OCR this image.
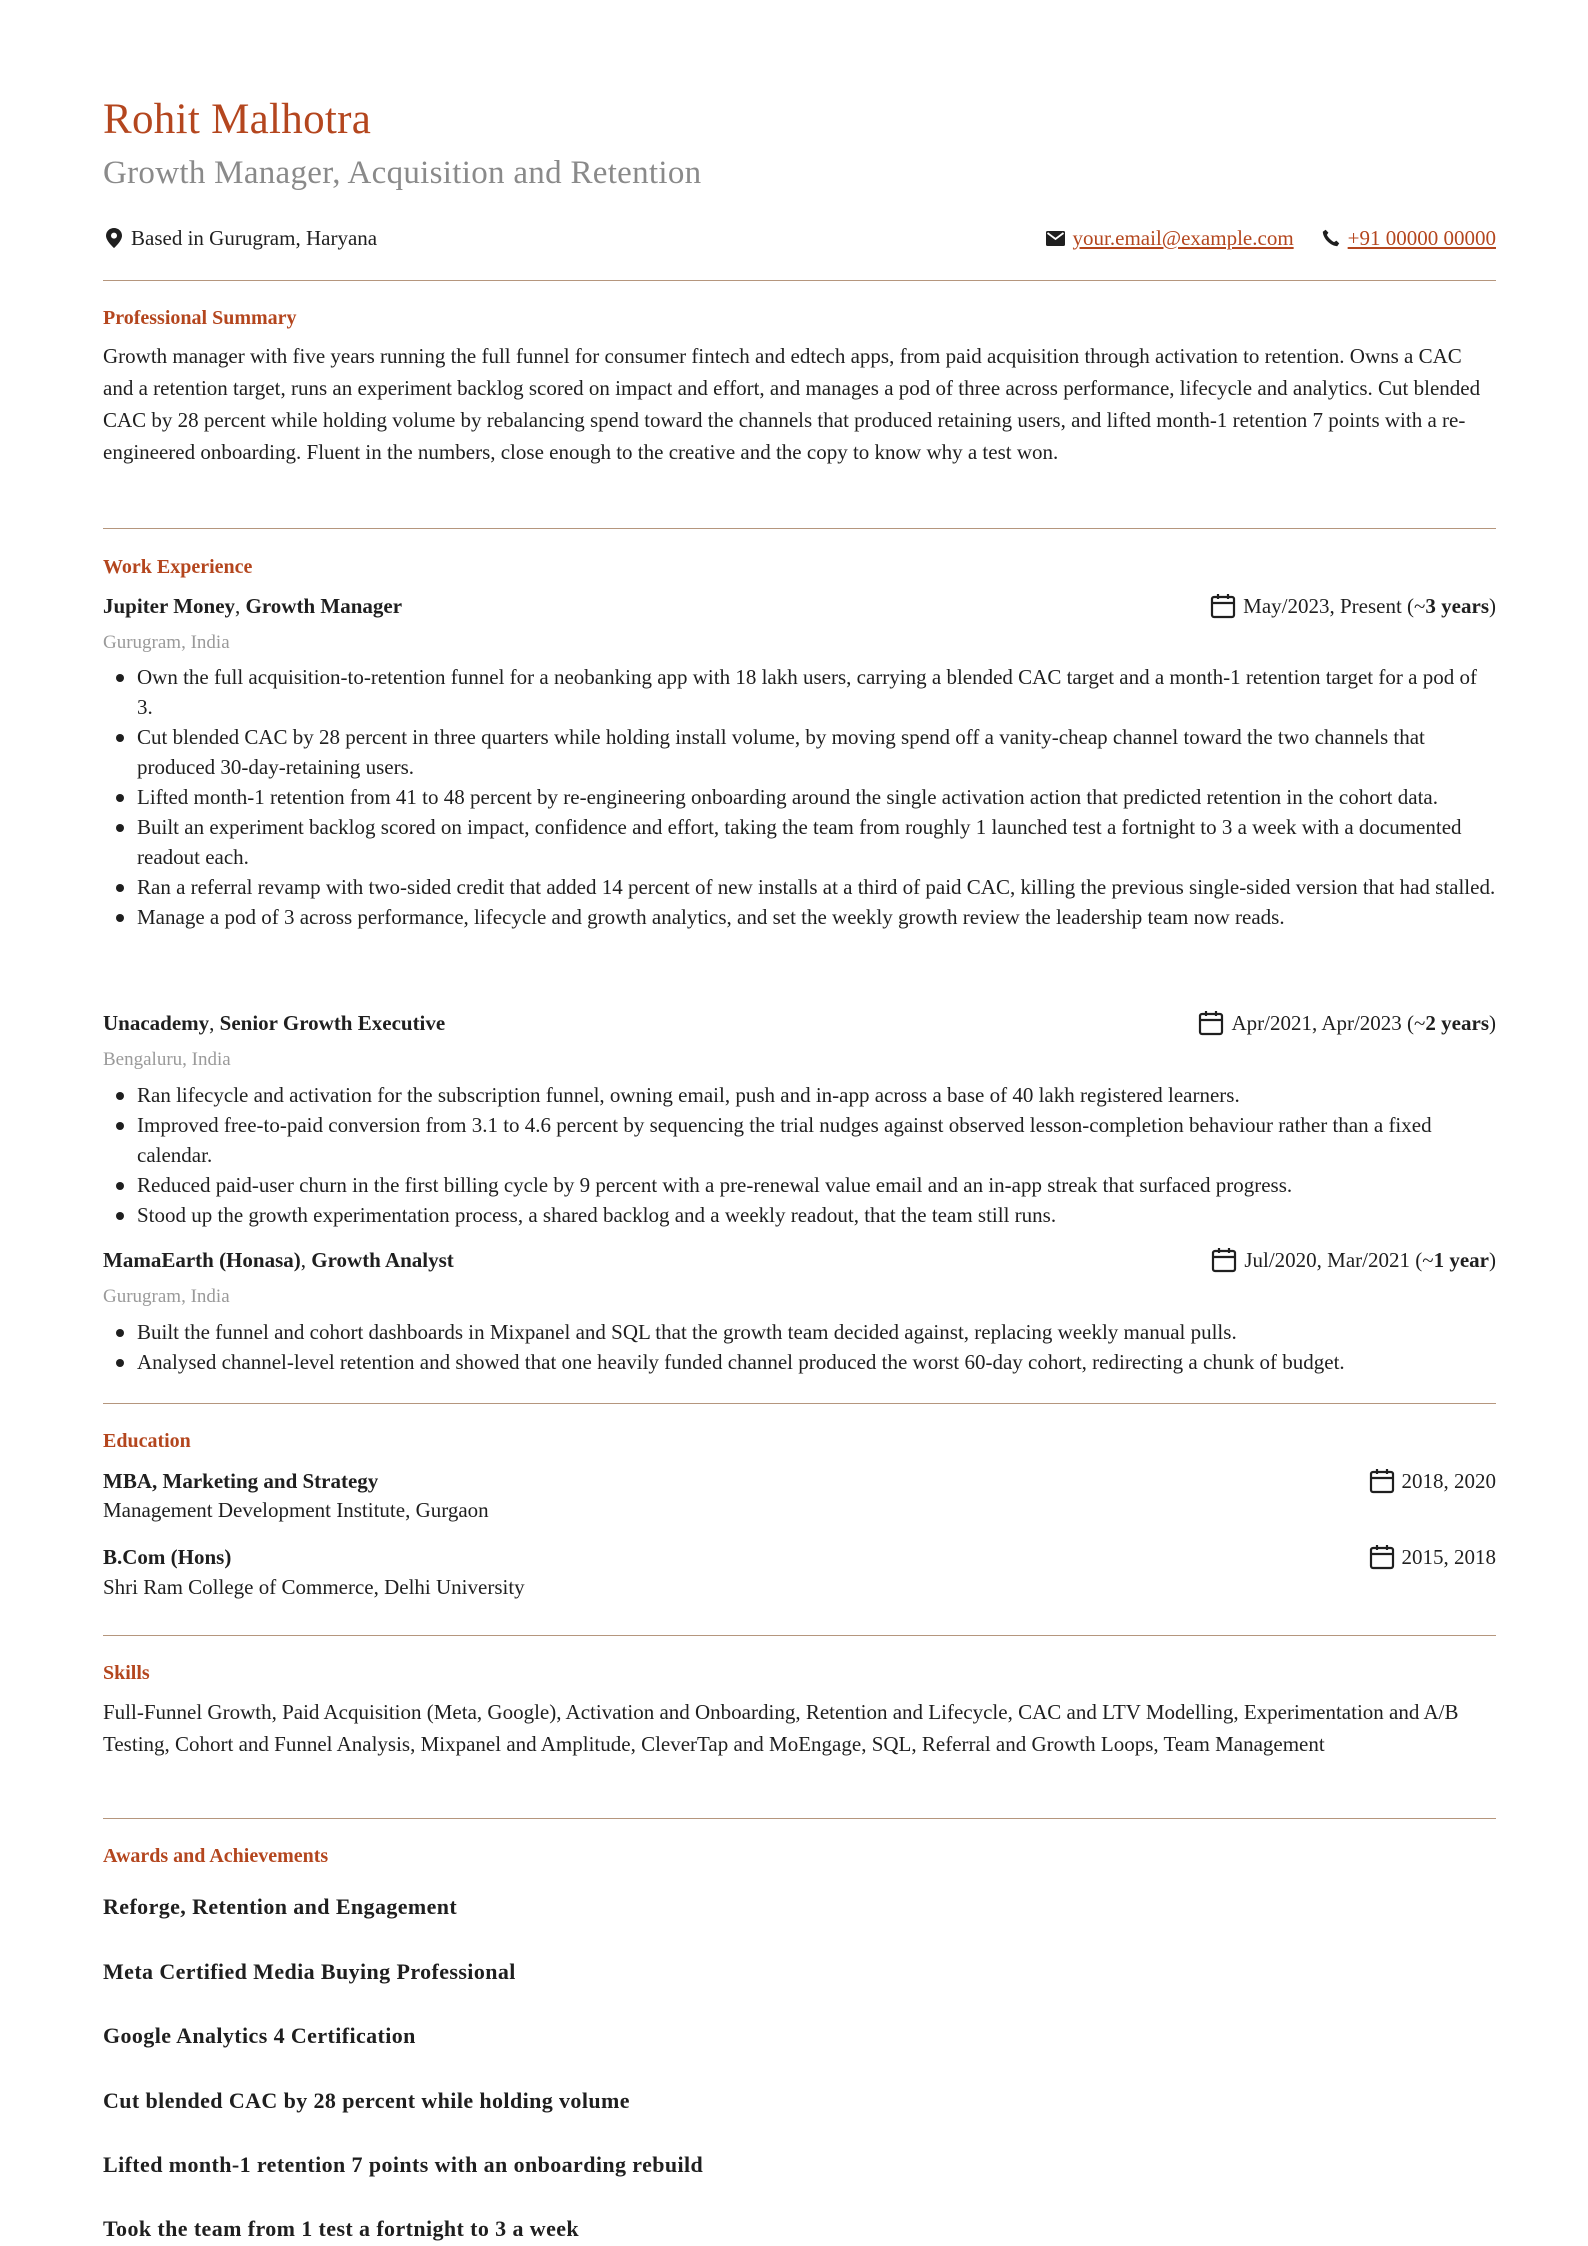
Rohit Malhotra
Growth Manager, Acquisition and Retention
Based in Gurugram, Haryana	your.email@example.com	+91 00000 00000
Professional Summary
Growth manager with five years running the full funnel for consumer fintech and edtech apps, from paid acquisition through activation to retention. Owns a CAC and a retention target, runs an experiment backlog scored on impact and effort, and manages a pod of three across performance, lifecycle and analytics. Cut blended CAC by 28 percent while holding volume by rebalancing spend toward the channels that produced retaining users, and lifted month-1 retention 7 points with a re-engineered onboarding. Fluent in the numbers, close enough to the creative and the copy to know why a test won.
Work Experience
Jupiter Money, Growth Manager	May/2023, Present (~ 3 years )
Gurugram, India
Own the full acquisition-to-retention funnel for a neobanking app with 18 lakh users, carrying a blended CAC target and a month-1 retention target for a pod of 3.
Cut blended CAC by 28 percent in three quarters while holding install volume, by moving spend off a vanity-cheap channel toward the two channels that produced 30-day-retaining users.
Lifted month-1 retention from 41 to 48 percent by re-engineering onboarding around the single activation action that predicted retention in the cohort data.
Built an experiment backlog scored on impact, confidence and effort, taking the team from roughly 1 launched test a fortnight to 3 a week with a documented readout each.
Ran a referral revamp with two-sided credit that added 14 percent of new installs at a third of paid CAC, killing the previous single-sided version that had stalled.
Manage a pod of 3 across performance, lifecycle and growth analytics, and set the weekly growth review the leadership team now reads.
Unacademy, Senior Growth Executive	Apr/2021, Apr/2023 (~ 2 years )
Bengaluru, India
Ran lifecycle and activation for the subscription funnel, owning email, push and in-app across a base of 40 lakh registered learners.
Improved free-to-paid conversion from 3.1 to 4.6 percent by sequencing the trial nudges against observed lesson-completion behaviour rather than a fixed calendar.
Reduced paid-user churn in the first billing cycle by 9 percent with a pre-renewal value email and an in-app streak that surfaced progress.
Stood up the growth experimentation process, a shared backlog and a weekly readout, that the team still runs.
MamaEarth (Honasa), Growth Analyst	Jul/2020, Mar/2021 (~ 1 year )
Gurugram, India
Built the funnel and cohort dashboards in Mixpanel and SQL that the growth team decided against, replacing weekly manual pulls.
Analysed channel-level retention and showed that one heavily funded channel produced the worst 60-day cohort, redirecting a chunk of budget.
Education
MBA, Marketing and Strategy	2018, 2020
Management Development Institute, Gurgaon
B.Com (Hons)	2015, 2018
Shri Ram College of Commerce, Delhi University
Skills
Full-Funnel Growth, Paid Acquisition (Meta, Google), Activation and Onboarding, Retention and Lifecycle, CAC and LTV Modelling, Experimentation and A/B Testing, Cohort and Funnel Analysis, Mixpanel and Amplitude, CleverTap and MoEngage, SQL, Referral and Growth Loops, Team Management
Awards and Achievements
Reforge, Retention and Engagement
Meta Certified Media Buying Professional
Google Analytics 4 Certification
Cut blended CAC by 28 percent while holding volume
Lifted month-1 retention 7 points with an onboarding rebuild
Took the team from 1 test a fortnight to 3 a week
